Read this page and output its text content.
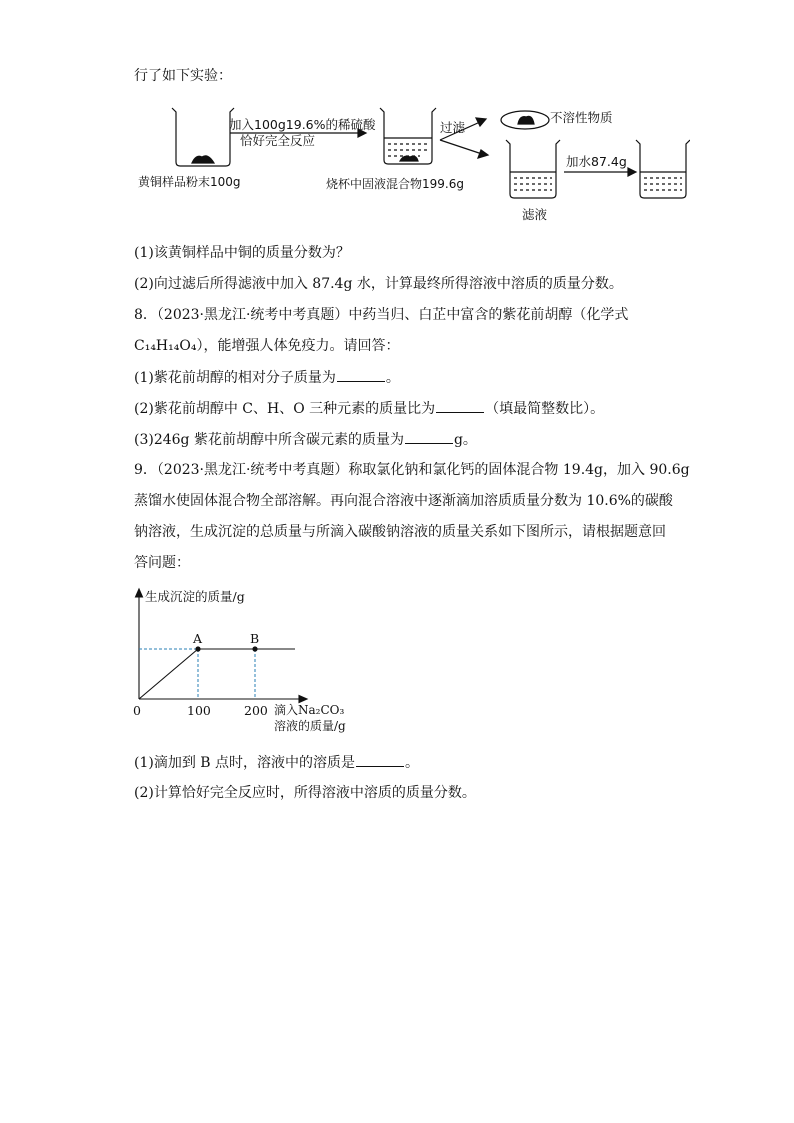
行了如下实验：
黄铜样品粉末100g
加入100g19.6%的稀硫酸
恰好完全反应
烧杯中固液混合物199.6g
过滤
不溶性物质
滤液
加水87.4g
(1)该黄铜样品中铜的质量分数为？
(2)向过滤后所得滤液中加入 87.4g 水，计算最终所得溶液中溶质的质量分数。
8．（2023·黑龙江·统考中考真题）中药当归、白芷中富含的紫花前胡醇（化学式
C₁₄H₁₄O₄），能增强人体免疫力。请回答：
(1)紫花前胡醇的相对分子质量为	。
(2)紫花前胡醇中 C、H、O 三种元素的质量比为	（填最简整数比）。
(3)246g 紫花前胡醇中所含碳元素的质量为	g。
9．（2023·黑龙江·统考中考真题）称取氯化钠和氯化钙的固体混合物 19.4g，加入 90.6g
蒸馏水使固体混合物全部溶解。再向混合溶液中逐渐滴加溶质质量分数为 10.6%的碳酸
钠溶液，生成沉淀的总质量与所滴入碳酸钠溶液的质量关系如下图所示，请根据题意回
答问题：
生成沉淀的质量/g
A	B
0	100	200 滴入Na₂CO₃
溶液的质量/g
(1)滴加到 B 点时，溶液中的溶质是	。
(2)计算恰好完全反应时，所得溶液中溶质的质量分数。
